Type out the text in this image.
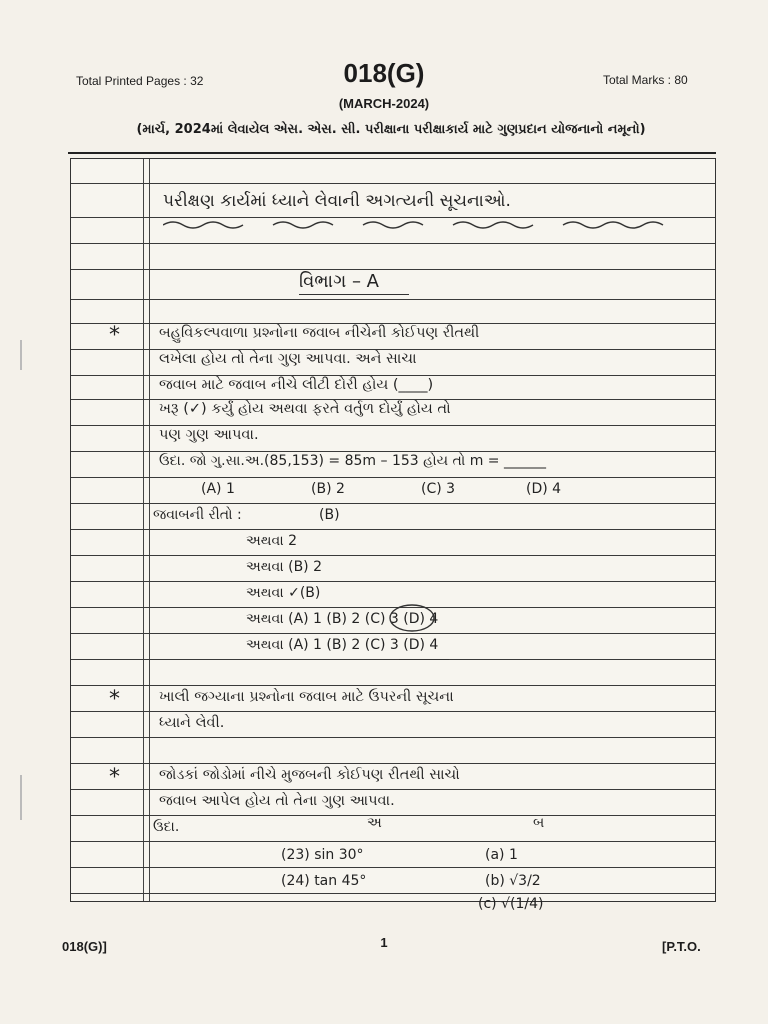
Total Printed Pages : 32	018(G)	Total Marks : 80
(MARCH-2024)
(માર્ચ, 2024માં લેવાયેલ એસ. એસ. સી. પરીક્ષાના પરીક્ષાકાર્ય માટે ગુણપ્રદાન યોજનાનો નમૂનો)
પરીક્ષણ કાર્યમાં ધ્યાને લેવાની અગત્યની સૂચનાઓ.
વિભાગ – A
*	બહુવિકલ્પવાળા પ્રશ્નોના જવાબ નીચેની કોઈપણ રીતથી
લખેલા હોય તો તેના ગુણ આપવા. અને સાચા
જવાબ માટે જવાબ નીચે લીટી દોરી હોય (____)
ખરૂ (✓) કર્યું હોય અથવા ફરતે વર્તુળ દોર્યું હોય તો
પણ ગુણ આપવા.
ઉદા. જો ગુ.સા.અ.(85,153) = 85m – 153 હોય તો m = ______
(A) 1	(B) 2	(C) 3	(D) 4
જવાબની રીતો :	(B)
અથવા 2
અથવા (B) 2
અથવા ✓(B)
અથવા (A) 1 (B) 2 (C) 3 (D) 4
અથવા (A) 1 (B) 2 (C) 3 (D) 4
*	ખાલી જગ્યાના પ્રશ્નોના જવાબ માટે ઉપરની સૂચના
ધ્યાને લેવી.
*	જોડકાં જોડોમાં નીચે મુજબની કોઈપણ રીતથી સાચો
જવાબ આપેલ હોય તો તેના ગુણ આપવા.
ઉદા.	અ	બ
(23) sin 30°	(a) 1
(24) tan 45°	(b) √3/2
(c) √(1/4)
018(G)]	1	[P.T.O.
